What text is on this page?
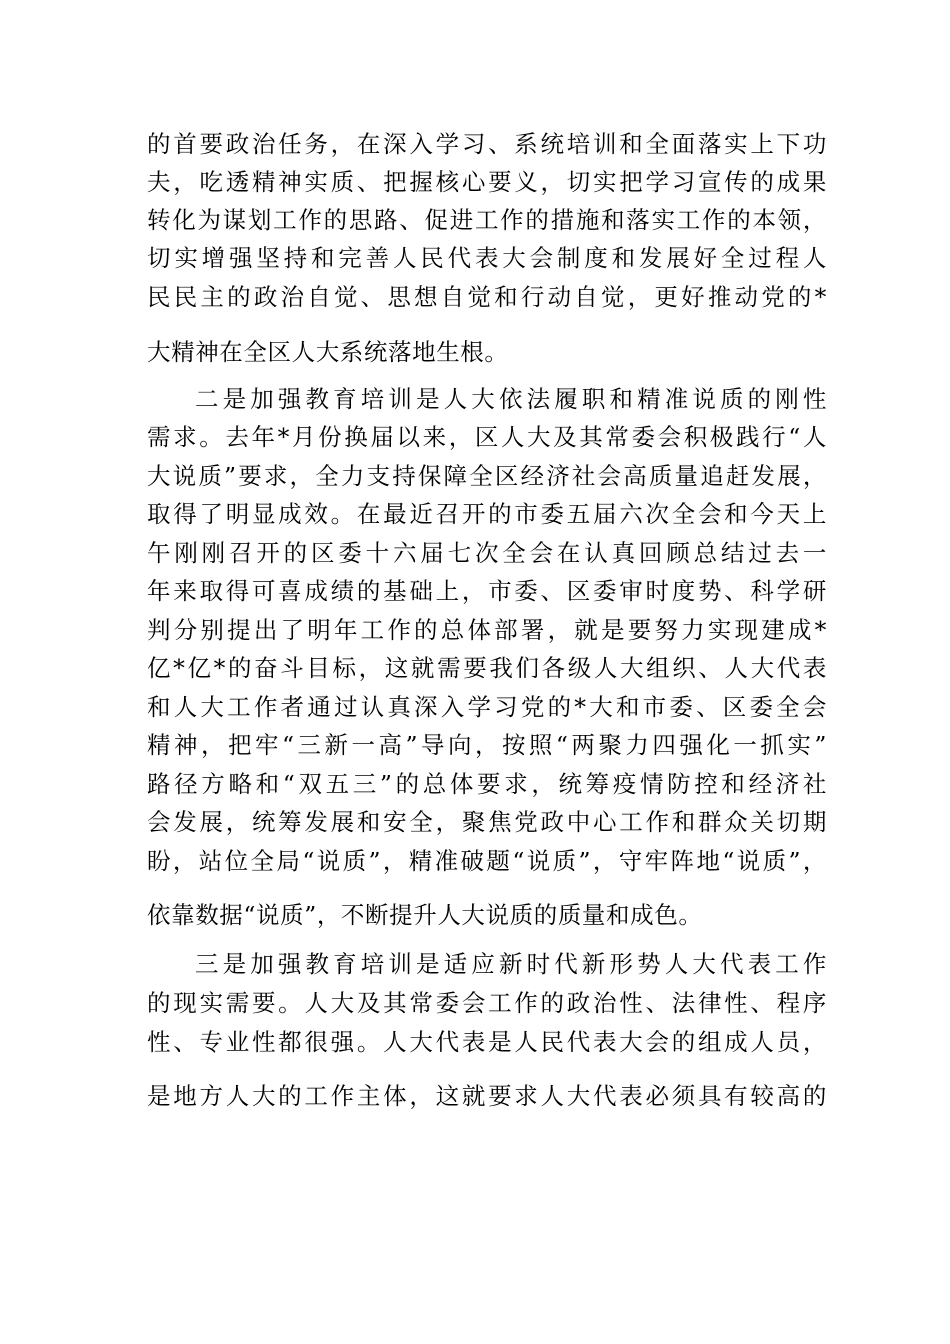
的首要政治任务，在深入学习、系统培训和全面落实上下功
夫，吃透精神实质、把握核心要义，切实把学习宣传的成果
转化为谋划工作的思路、促进工作的措施和落实工作的本领，
切实增强坚持和完善人民代表大会制度和发展好全过程人
民民主的政治自觉、思想自觉和行动自觉，更好推动党的*
大精神在全区人大系统落地生根。
二是加强教育培训是人大依法履职和精准说质的刚性
需求。去年*月份换届以来，区人大及其常委会积极践行“人
大说质”要求，全力支持保障全区经济社会高质量追赶发展，
取得了明显成效。在最近召开的市委五届六次全会和今天上
午刚刚召开的区委十六届七次全会在认真回顾总结过去一
年来取得可喜成绩的基础上，市委、区委审时度势、科学研
判分别提出了明年工作的总体部署，就是要努力实现建成*
亿*亿*的奋斗目标，这就需要我们各级人大组织、人大代表
和人大工作者通过认真深入学习党的*大和市委、区委全会
精神，把牢“三新一高”导向，按照“两聚力四强化一抓实”
路径方略和“双五三”的总体要求，统筹疫情防控和经济社
会发展，统筹发展和安全，聚焦党政中心工作和群众关切期
盼，站位全局“说质”，精准破题“说质”，守牢阵地“说质”，
依靠数据“说质”，不断提升人大说质的质量和成色。
三是加强教育培训是适应新时代新形势人大代表工作
的现实需要。人大及其常委会工作的政治性、法律性、程序
性、专业性都很强。人大代表是人民代表大会的组成人员，
是地方人大的工作主体，这就要求人大代表必须具有较高的
